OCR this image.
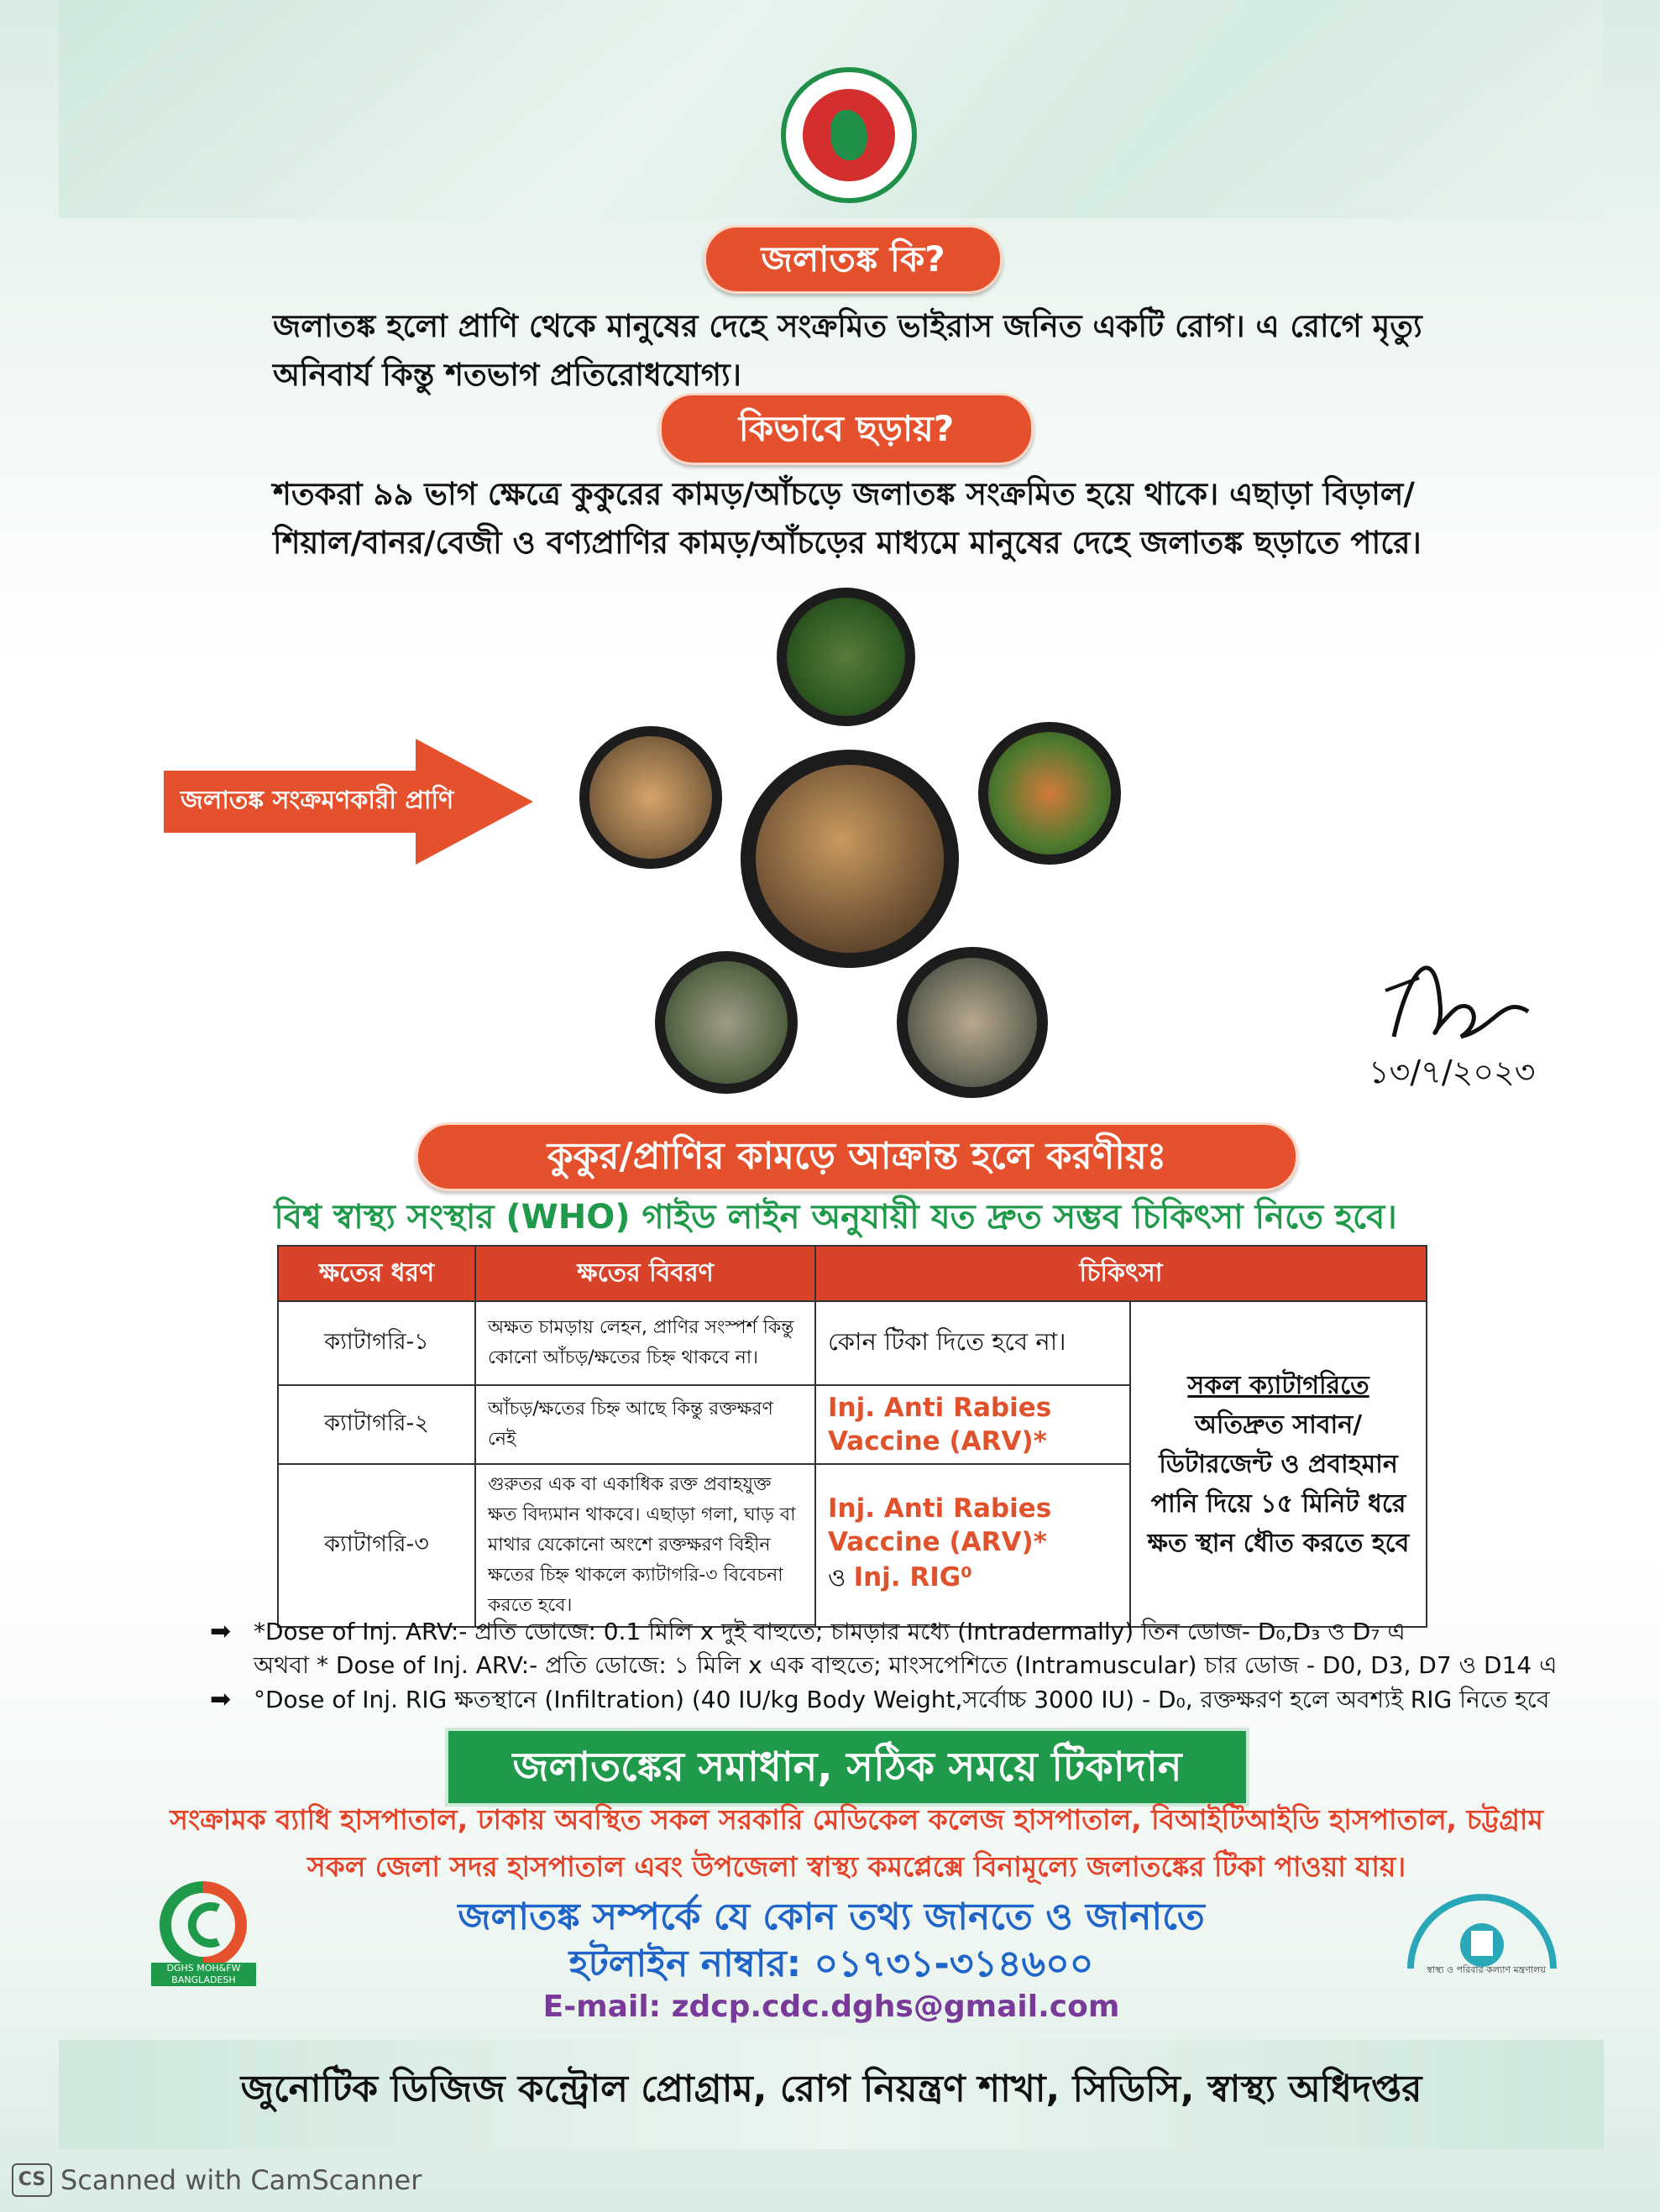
জলাতঙ্ক কি?
জলাতঙ্ক হলো প্রাণি থেকে মানুষের দেহে সংক্রমিত ভাইরাস জনিত একটি রোগ। এ রোগে মৃত্যু অনিবার্য কিন্তু শতভাগ প্রতিরোধযোগ্য।
কিভাবে ছড়ায়?
শতকরা ৯৯ ভাগ ক্ষেত্রে কুকুরের কামড়/আঁচড়ে জলাতঙ্ক সংক্রমিত হয়ে থাকে। এছাড়া বিড়াল/
শিয়াল/বানর/বেজী ও বণ্যপ্রাণির কামড়/আঁচড়ের মাধ্যমে মানুষের দেহে জলাতঙ্ক ছড়াতে পারে।
জলাতঙ্ক সংক্রমণকারী প্রাণি
১৩/৭/২০২৩
কুকুর/প্রাণির কামড়ে আক্রান্ত হলে করণীয়ঃ
বিশ্ব স্বাস্থ্য সংস্থার (WHO) গাইড লাইন অনুযায়ী যত দ্রুত সম্ভব চিকিৎসা নিতে হবে।
ক্ষতের ধরণ	ক্ষতের বিবরণ	চিকিৎসা	
ক্যাটাগরি-১	অক্ষত চামড়ায় লেহন, প্রাণির সংস্পর্শ কিন্তু কোনো আঁচড়/ক্ষতের চিহ্ন থাকবে না।	কোন টিকা দিতে হবে না।	সকল ক্যাটাগরিতে
অতিদ্রুত সাবান/ডিটারজেন্ট ও প্রবাহমান পানি দিয়ে ১৫ মিনিট ধরে ক্ষত স্থান ধৌত করতে হবে

ক্যাটাগরি-২	আঁচড়/ক্ষতের চিহ্ন আছে কিন্তু রক্তক্ষরণ নেই	Inj. Anti Rabies Vaccine (ARV)*	
ক্যাটাগরি-৩	গুরুতর এক বা একাধিক রক্ত প্রবাহযুক্ত ক্ষত বিদ্যমান থাকবে। এছাড়া গলা, ঘাড় বা মাথার যেকোনো অংশে রক্তক্ষরণ বিহীন ক্ষতের চিহ্ন থাকলে ক্যাটাগরি-৩ বিবেচনা করতে হবে।	Inj. Anti Rabies Vaccine (ARV)*
ও Inj. RIG⁰	
➡ *Dose of Inj. ARV:- প্রতি ডোজে: 0.1 মিলি x দুই বাহুতে; চামড়ার মধ্যে (Intradermally) তিন ডোজ- D₀,D₃ ও D₇ এ
অথবা * Dose of Inj. ARV:- প্রতি ডোজে: ১ মিলি x এক বাহুতে; মাংসপেশিতে (Intramuscular) চার ডোজ - D0, D3, D7 ও D14 এ
➡ °Dose of Inj. RIG ক্ষতস্থানে (Infiltration) (40 IU/kg Body Weight,সর্বোচ্চ 3000 IU) - D₀, রক্তক্ষরণ হলে অবশ্যই RIG নিতে হবে
জলাতঙ্কের সমাধান, সঠিক সময়ে টিকাদান
সংক্রামক ব্যাধি হাসপাতাল, ঢাকায় অবস্থিত সকল সরকারি মেডিকেল কলেজ হাসপাতাল, বিআইটিআইডি হাসপাতাল, চট্টগ্রাম সকল জেলা সদর হাসপাতাল এবং উপজেলা স্বাস্থ্য কমপ্লেক্সে বিনামূল্যে জলাতঙ্কের টিকা পাওয়া যায়।
DGHS MOH&FW BANGLADESH
জলাতঙ্ক সম্পর্কে যে কোন তথ্য জানতে ও জানাতে
হটলাইন নাম্বার: ০১৭৩১-৩১৪৬০০
E-mail: zdcp.cdc.dghs@gmail.com
স্বাস্থ্য ও পরিবার কল্যাণ মন্ত্রণালয়
জুনোটিক ডিজিজ কন্ট্রোল প্রোগ্রাম, রোগ নিয়ন্ত্রণ শাখা, সিডিসি, স্বাস্থ্য অধিদপ্তর
CS Scanned with CamScanner
